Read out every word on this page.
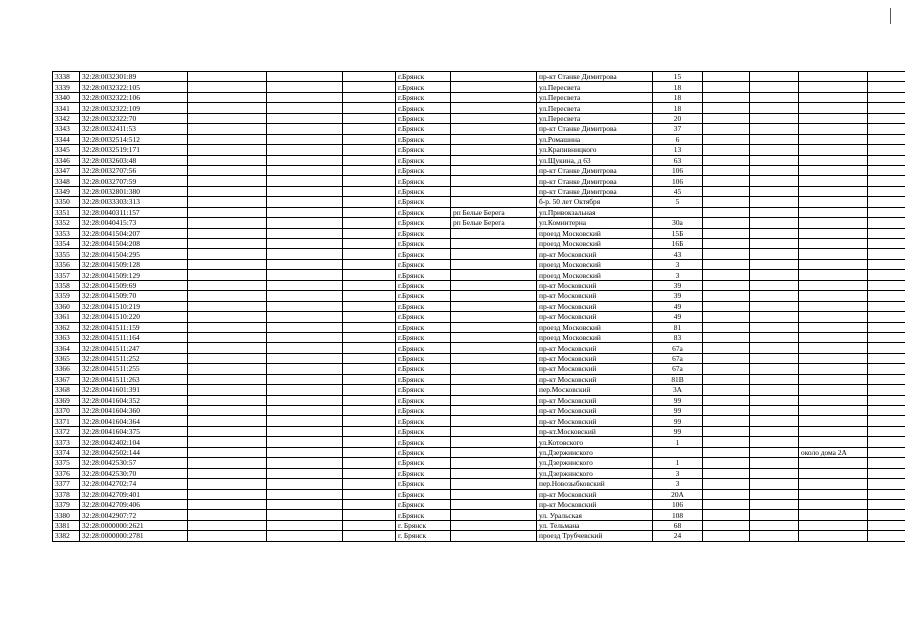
3338	32:28:0032301:89				г.Брянск		пр-кт Станке Димитрова	15				
3339	32:28:0032322:105				г.Брянск		ул.Пересвета	18				
3340	32:28:0032322:106				г.Брянск		ул.Пересвета	18				
3341	32:28:0032322:109				г.Брянск		ул.Пересвета	18				
3342	32:28:0032322:70				г.Брянск		ул.Пересвета	20				
3343	32:28:0032411:53				г.Брянск		пр-кт Станке Димитрова	37				
3344	32:28:0032514:512				г.Брянск		ул.Ромашина	6				
3345	32:28:0032519:171				г.Брянск		ул.Крапивницкого	13				
3346	32:28:0032603:48				г.Брянск		ул.Щукина, д 63	63				
3347	32:28:0032707:56				г.Брянск		пр-кт Станке Димитрова	106				
3348	32:28:0032707:59				г.Брянск		пр-кт Станке Димитрова	106				
3349	32:28:0032801:380				г.Брянск		пр-кт Станке Димитрова	45				
3350	32:28:0033303:313				г.Брянск		б-р. 50 лет Октября	5				
3351	32:28:0040311:157				г.Брянск	рп Белые Берега	ул.Привокзальная					
3352	32:28:0040415:73				г.Брянск	рп Белые Берега	ул.Коминтерна	30а				
3353	32:28:0041504:207				г.Брянск		проезд Московский	15Б				
3354	32:28:0041504:208				г.Брянск		проезд Московский	16Б				
3355	32:28:0041504:295				г.Брянск		пр-кт Московский	43				
3356	32:28:0041509:128				г.Брянск		проезд Московский	3				
3357	32:28:0041509:129				г.Брянск		проезд Московский	3				
3358	32:28:0041509:69				г.Брянск		пр-кт Московский	39				
3359	32:28:0041509:70				г.Брянск		пр-кт Московский	39				
3360	32:28:0041510:219				г.Брянск		пр-кт Московский	49				
3361	32:28:0041510:220				г.Брянск		пр-кт Московский	49				
3362	32:28:0041511:159				г.Брянск		проезд Московский	81				
3363	32:28:0041511:164				г.Брянск		проезд Московский	83				
3364	32:28:0041511:247				г.Брянск		пр-кт Московский	67а				
3365	32:28:0041511:252				г.Брянск		пр-кт Московский	67а				
3366	32:28:0041511:255				г.Брянск		пр-кт Московский	67а				
3367	32:28:0041511:263				г.Брянск		пр-кт Московский	81В				
3368	32:28:0041601:391				г.Брянск		пер.Московский	3А				
3369	32:28:0041604:352				г.Брянск		пр-кт Московский	99				
3370	32:28:0041604:360				г.Брянск		пр-кт Московский	99				
3371	32:28:0041604:364				г.Брянск		пр-кт Московский	99				
3372	32:28:0041604:375				г.Брянск		пр-кт.Московский	99				
3373	32:28:0042402:104				г.Брянск		ул.Котовского	1				
3374	32:28:0042502:144				г.Брянск		ул.Дзержинского				около дома 2А	
3375	32:28:0042530:57				г.Брянск		ул.Дзержинского	1				
3376	32:28:0042530:70				г.Брянск		ул.Дзержинского	3				
3377	32:28:0042702:74				г.Брянск		пер.Новозыбковский	3				
3378	32:28:0042709:401				г.Брянск		пр-кт Московский	20А				
3379	32:28:0042709:406				г.Брянск		пр-кт Московский	106				
3380	32:28:0042907:72				г.Брянск		ул. Уральская	108				
3381	32:28:0000000:2621				г. Брянск		ул. Тельмана	68				
3382	32:28:0000000:2781				г. Брянск		проезд Трубчевский	24				
